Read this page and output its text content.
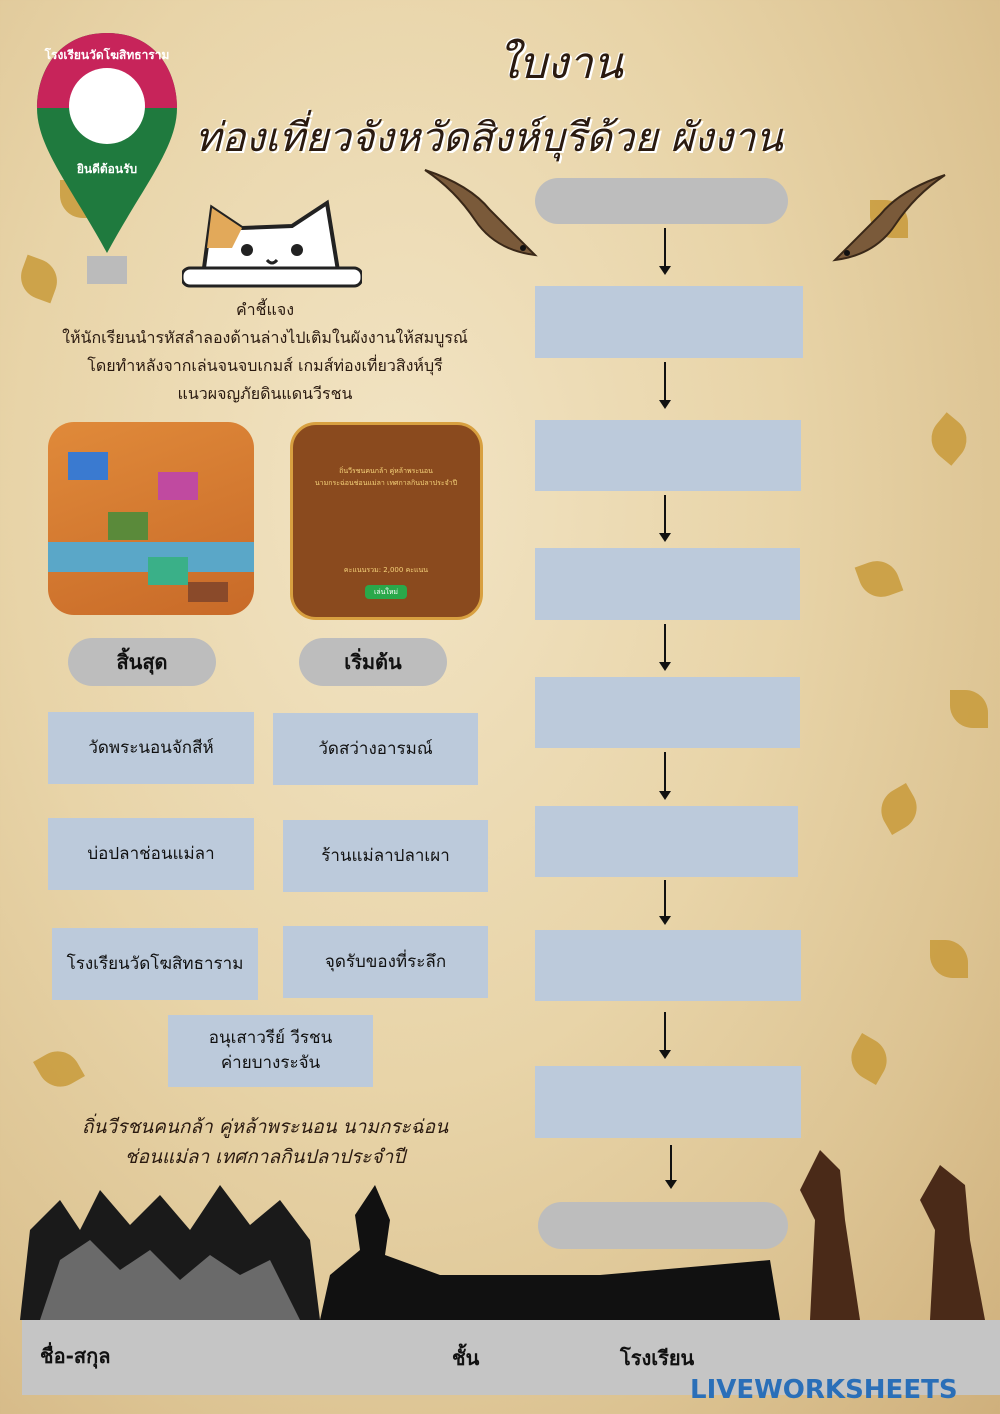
โรงเรียนวัดโฆสิทธาราม
ยินดีต้อนรับ
ใบงาน
ท่องเที่ยวจังหวัดสิงห์บุรีด้วย ผังงาน
คำชี้แจง
ให้นักเรียนนำรหัสลำลองด้านล่างไปเติมในผังงานให้สมบูรณ์
โดยทำหลังจากเล่นจนจบเกมส์ เกมส์ท่องเที่ยวสิงห์บุรี
แนวผจญภัยดินแดนวีรชน
ถิ่นวีรชนคนกล้า คู่หล้าพระนอน
นามกระฉ่อนช่อนแม่ลา เทศกาลกินปลาประจำปี
คะแนนรวม: 2,000 คะแนน
เล่นใหม่
สิ้นสุด	เริ่มต้น
วัดพระนอนจักสีห์	วัดสว่างอารมณ์
บ่อปลาช่อนแม่ลา	ร้านแม่ลาปลาเผา
โรงเรียนวัดโฆสิทธาราม	จุดรับของที่ระลึก
อนุเสาวรีย์ วีรชน
ค่ายบางระจัน
ถิ่นวีรชนคนกล้า คู่หล้าพระนอน นามกระฉ่อน
ช่อนแม่ลา เทศกาลกินปลาประจำปี
ชื่อ-สกุล	ชั้น	โรงเรียน
LIVEWORKSHEETS
